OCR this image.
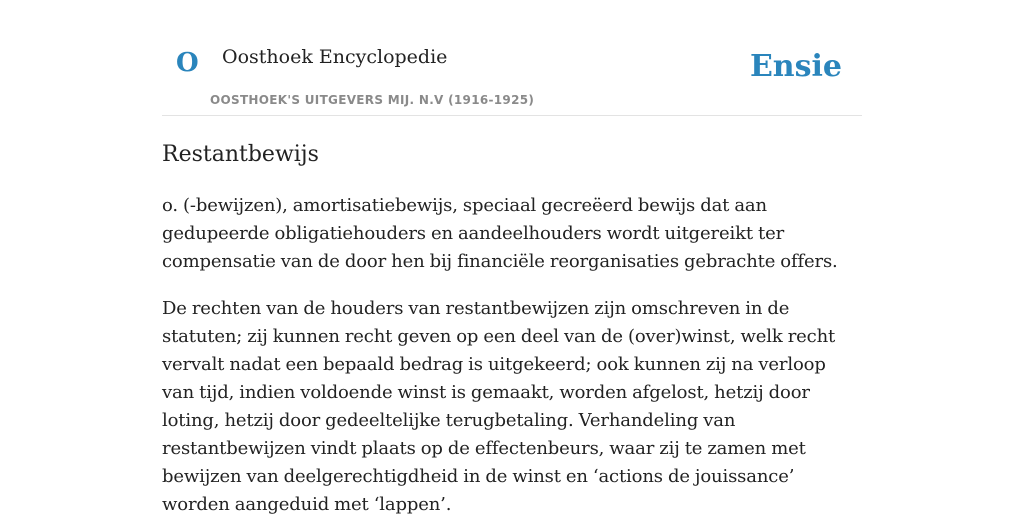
O Oosthoek Encyclopedie
OOSTHOEK'S UITGEVERS MIJ. N.V (1916-1925)
Ensie
Restantbewijs

o. (-bewijzen), amortisatiebewijs, speciaal gecreëerd bewijs dat aan gedupeerde obligatiehouders en aandeelhouders wordt uitgereikt ter compensatie van de door hen bij financiële reorganisaties gebrachte offers.

De rechten van de houders van restantbewijzen zijn omschreven in de statuten; zij kunnen recht geven op een deel van de (over)winst, welk recht vervalt nadat een bepaald bedrag is uitgekeerd; ook kunnen zij na verloop van tijd, indien voldoende winst is gemaakt, worden afgelost, hetzij door loting, hetzij door gedeeltelijke terugbetaling. Verhandeling van restantbewijzen vindt plaats op de effectenbeurs, waar zij te zamen met bewijzen van deelgerechtigdheid in de winst en ‘actions de jouissance’ worden aangeduid met ‘lappen’.
